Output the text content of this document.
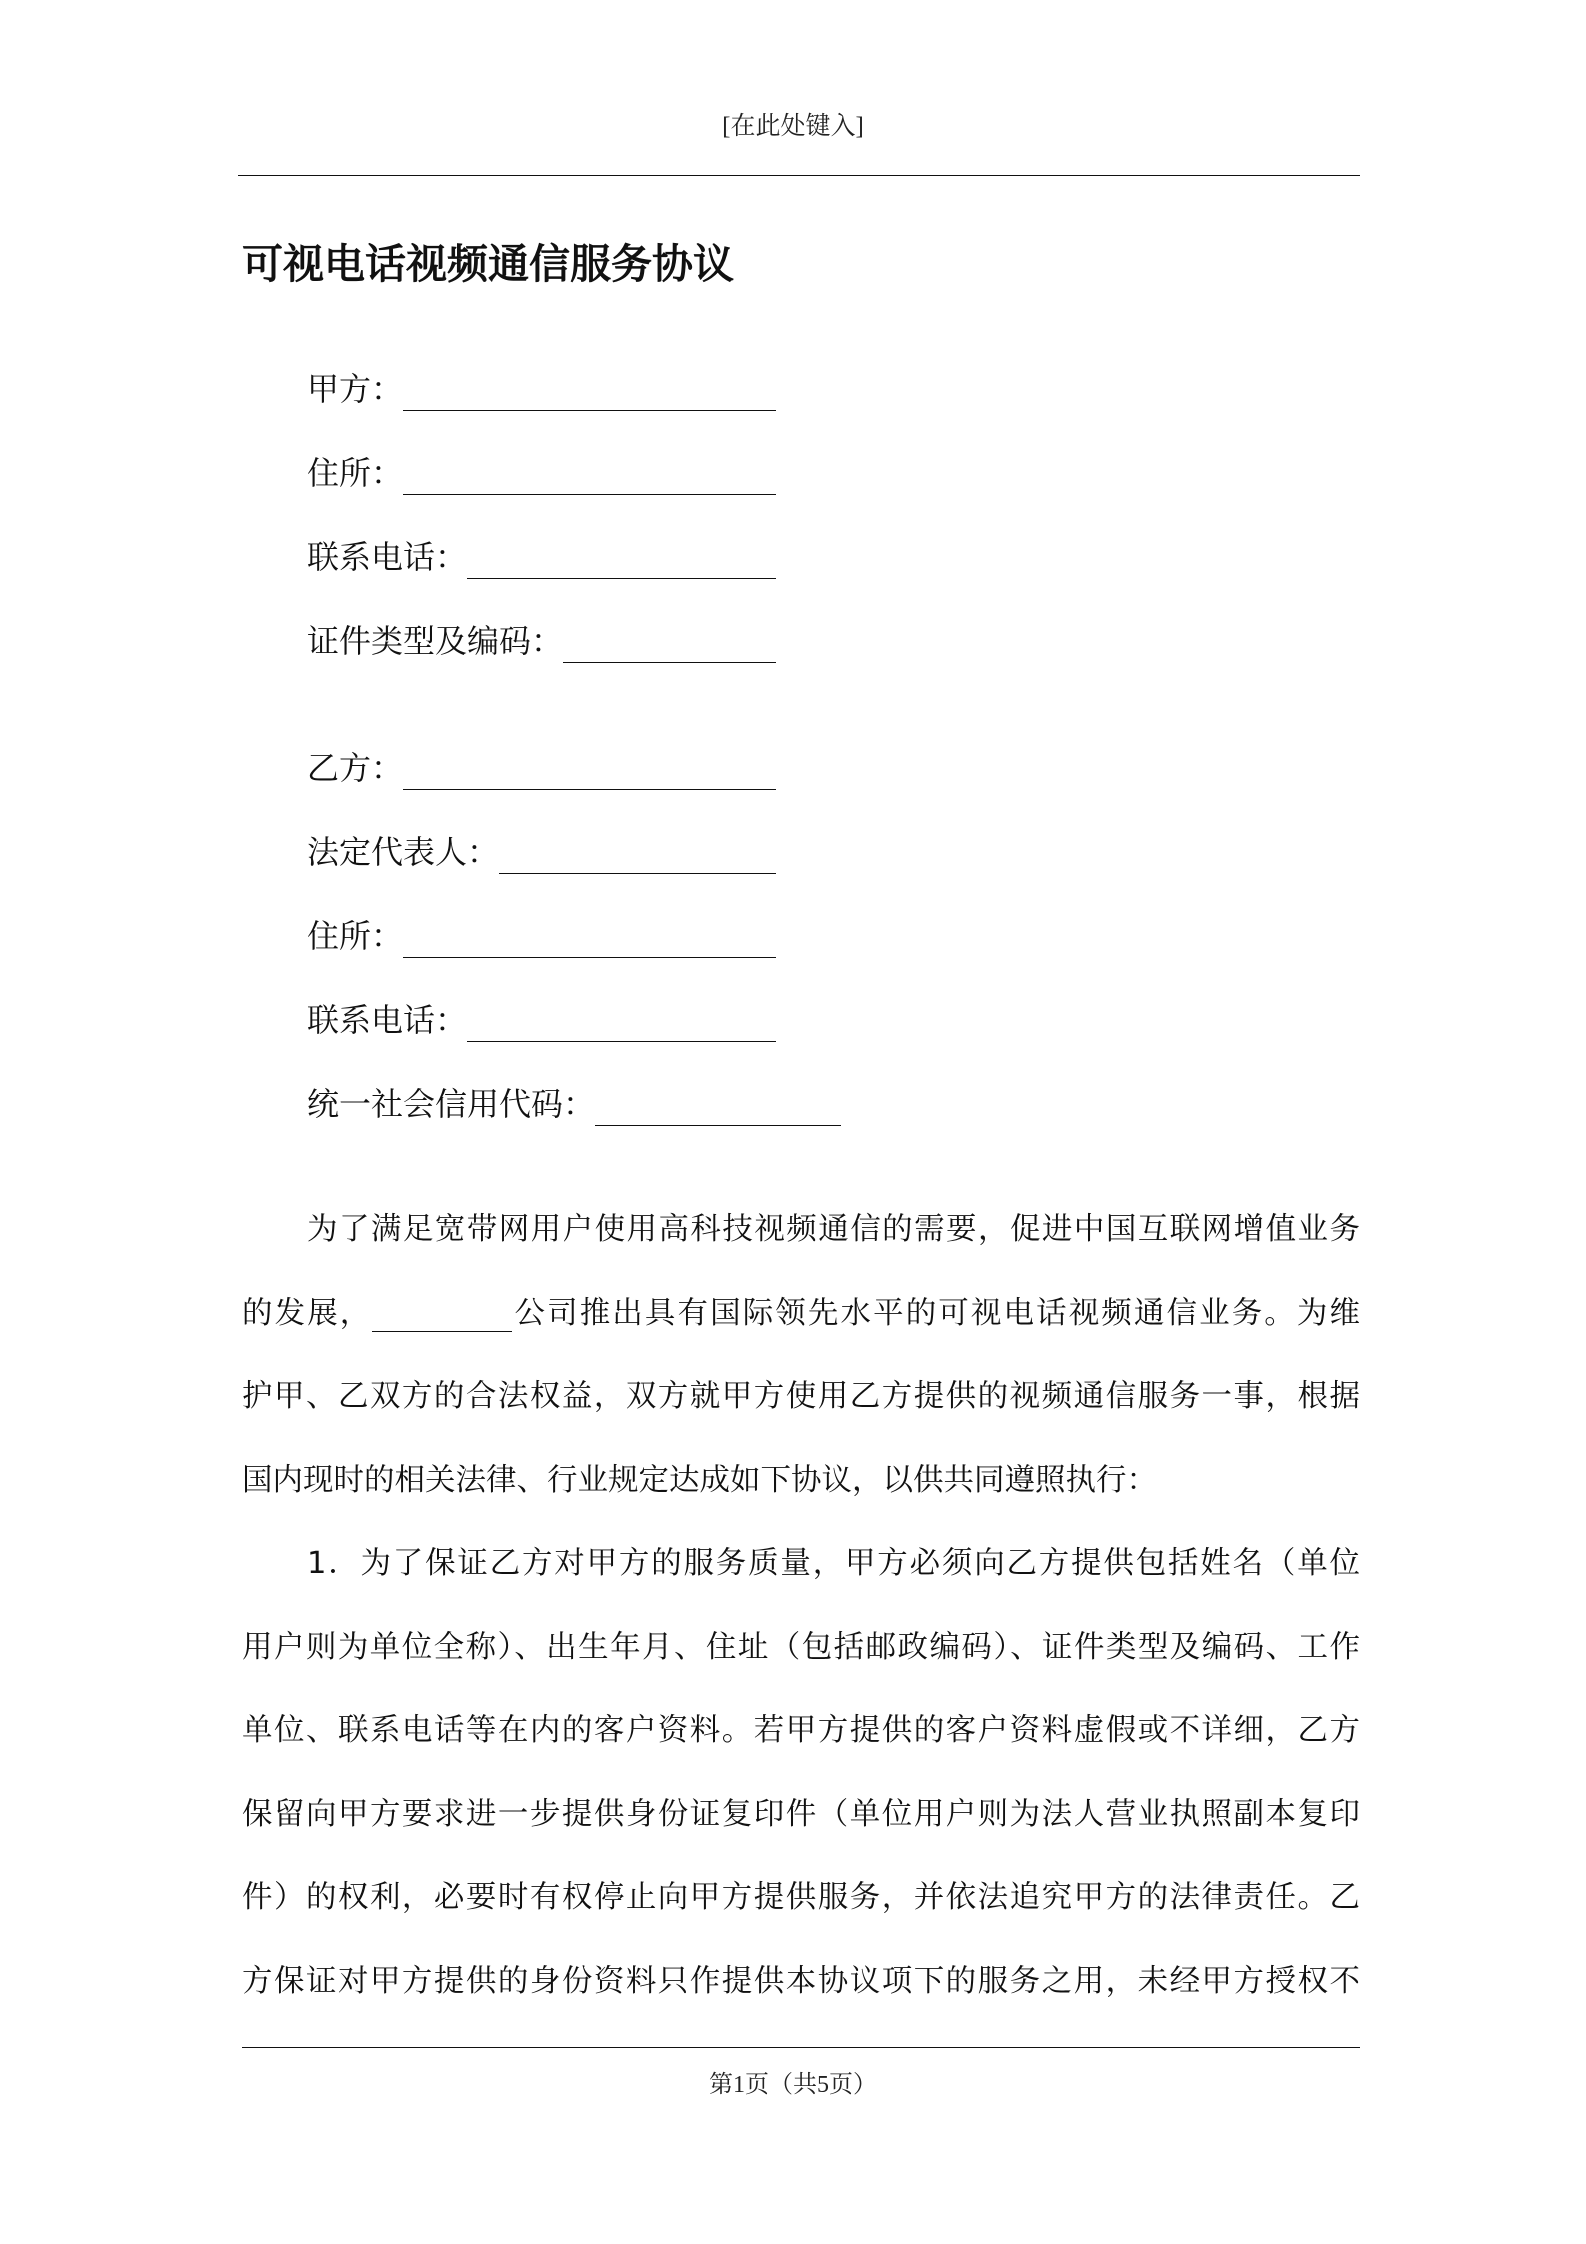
[在此处键入]
可视电话视频通信服务协议
甲方：
住所：
联系电话：
证件类型及编码：
乙方：
法定代表人：
住所：
联系电话：
统一社会信用代码：
为了满足宽带网用户使用高科技视频通信的需要，促进中国互联网增值业务
的发展，	公司推出具有国际领先水平的可视电话视频通信业务。为维
护甲、乙双方的合法权益，双方就甲方使用乙方提供的视频通信服务一事，根据
国内现时的相关法律、行业规定达成如下协议，以供共同遵照执行：
1．为了保证乙方对甲方的服务质量，甲方必须向乙方提供包括姓名（单位
用户则为单位全称）、出生年月、住址（包括邮政编码）、证件类型及编码、工作
单位、联系电话等在内的客户资料。若甲方提供的客户资料虚假或不详细，乙方
保留向甲方要求进一步提供身份证复印件（单位用户则为法人营业执照副本复印
件）的权利，必要时有权停止向甲方提供服务，并依法追究甲方的法律责任。乙
方保证对甲方提供的身份资料只作提供本协议项下的服务之用，未经甲方授权不
第1页（共5页）
